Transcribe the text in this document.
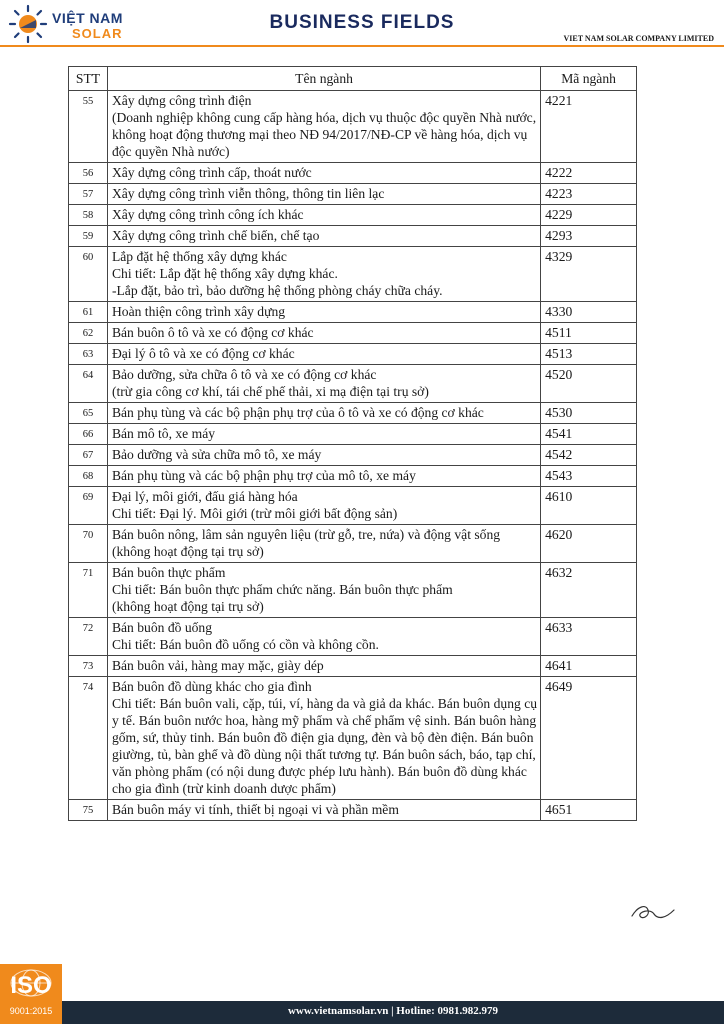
VIỆT NAM
SOLAR
BUSINESS FIELDS
VIET NAM SOLAR COMPANY LIMITED
STT	Tên ngành	Mã ngành
55	Xây dựng công trình điện
(Doanh nghiệp không cung cấp hàng hóa, dịch vụ thuộc độc quyền Nhà nước, không hoạt động thương mại theo NĐ 94/2017/NĐ-CP về hàng hóa, dịch vụ độc quyền Nhà nước)	4221
56	Xây dựng công trình cấp, thoát nước	4222
57	Xây dựng công trình viễn thông, thông tin liên lạc	4223
58	Xây dựng công trình công ích khác	4229
59	Xây dựng công trình chế biến, chế tạo	4293
60	Lắp đặt hệ thống xây dựng khác
Chi tiết: Lắp đặt hệ thống xây dựng khác.
-Lắp đặt, bảo trì, bảo dưỡng hệ thống phòng cháy chữa cháy.	4329
61	Hoàn thiện công trình xây dựng	4330
62	Bán buôn ô tô và xe có động cơ khác	4511
63	Đại lý ô tô và xe có động cơ khác	4513
64	Bảo dưỡng, sửa chữa ô tô và xe có động cơ khác
(trừ gia công cơ khí, tái chế phế thải, xi mạ điện tại trụ sở)	4520
65	Bán phụ tùng và các bộ phận phụ trợ của ô tô và xe có động cơ khác	4530
66	Bán mô tô, xe máy	4541
67	Bảo dưỡng và sửa chữa mô tô, xe máy	4542
68	Bán phụ tùng và các bộ phận phụ trợ của mô tô, xe máy	4543
69	Đại lý, môi giới, đấu giá hàng hóa
Chi tiết: Đại lý. Môi giới (trừ môi giới bất động sản)	4610
70	Bán buôn nông, lâm sản nguyên liệu (trừ gỗ, tre, nứa) và động vật sống
(không hoạt động tại trụ sở)	4620
71	Bán buôn thực phẩm
Chi tiết: Bán buôn thực phẩm chức năng. Bán buôn thực phẩm
(không hoạt động tại trụ sở)	4632
72	Bán buôn đồ uống
Chi tiết: Bán buôn đồ uống có cồn và không cồn.	4633
73	Bán buôn vải, hàng may mặc, giày dép	4641
74	Bán buôn đồ dùng khác cho gia đình
Chi tiết: Bán buôn vali, cặp, túi, ví, hàng da và giả da khác. Bán buôn dụng cụ y tế. Bán buôn nước hoa, hàng mỹ phẩm và chế phẩm vệ sinh. Bán buôn hàng gốm, sứ, thủy tinh. Bán buôn đồ điện gia dụng, đèn và bộ đèn điện. Bán buôn giường, tủ, bàn ghế và đồ dùng nội thất tương tự. Bán buôn sách, báo, tạp chí, văn phòng phẩm (có nội dung được phép lưu hành). Bán buôn đồ dùng khác cho gia đình (trừ kinh doanh dược phẩm)	4649
75	Bán buôn máy vi tính, thiết bị ngoại vi và phần mềm	4651
ISO
9001:2015	www.vietnamsolar.vn | Hotline: 0981.982.979
